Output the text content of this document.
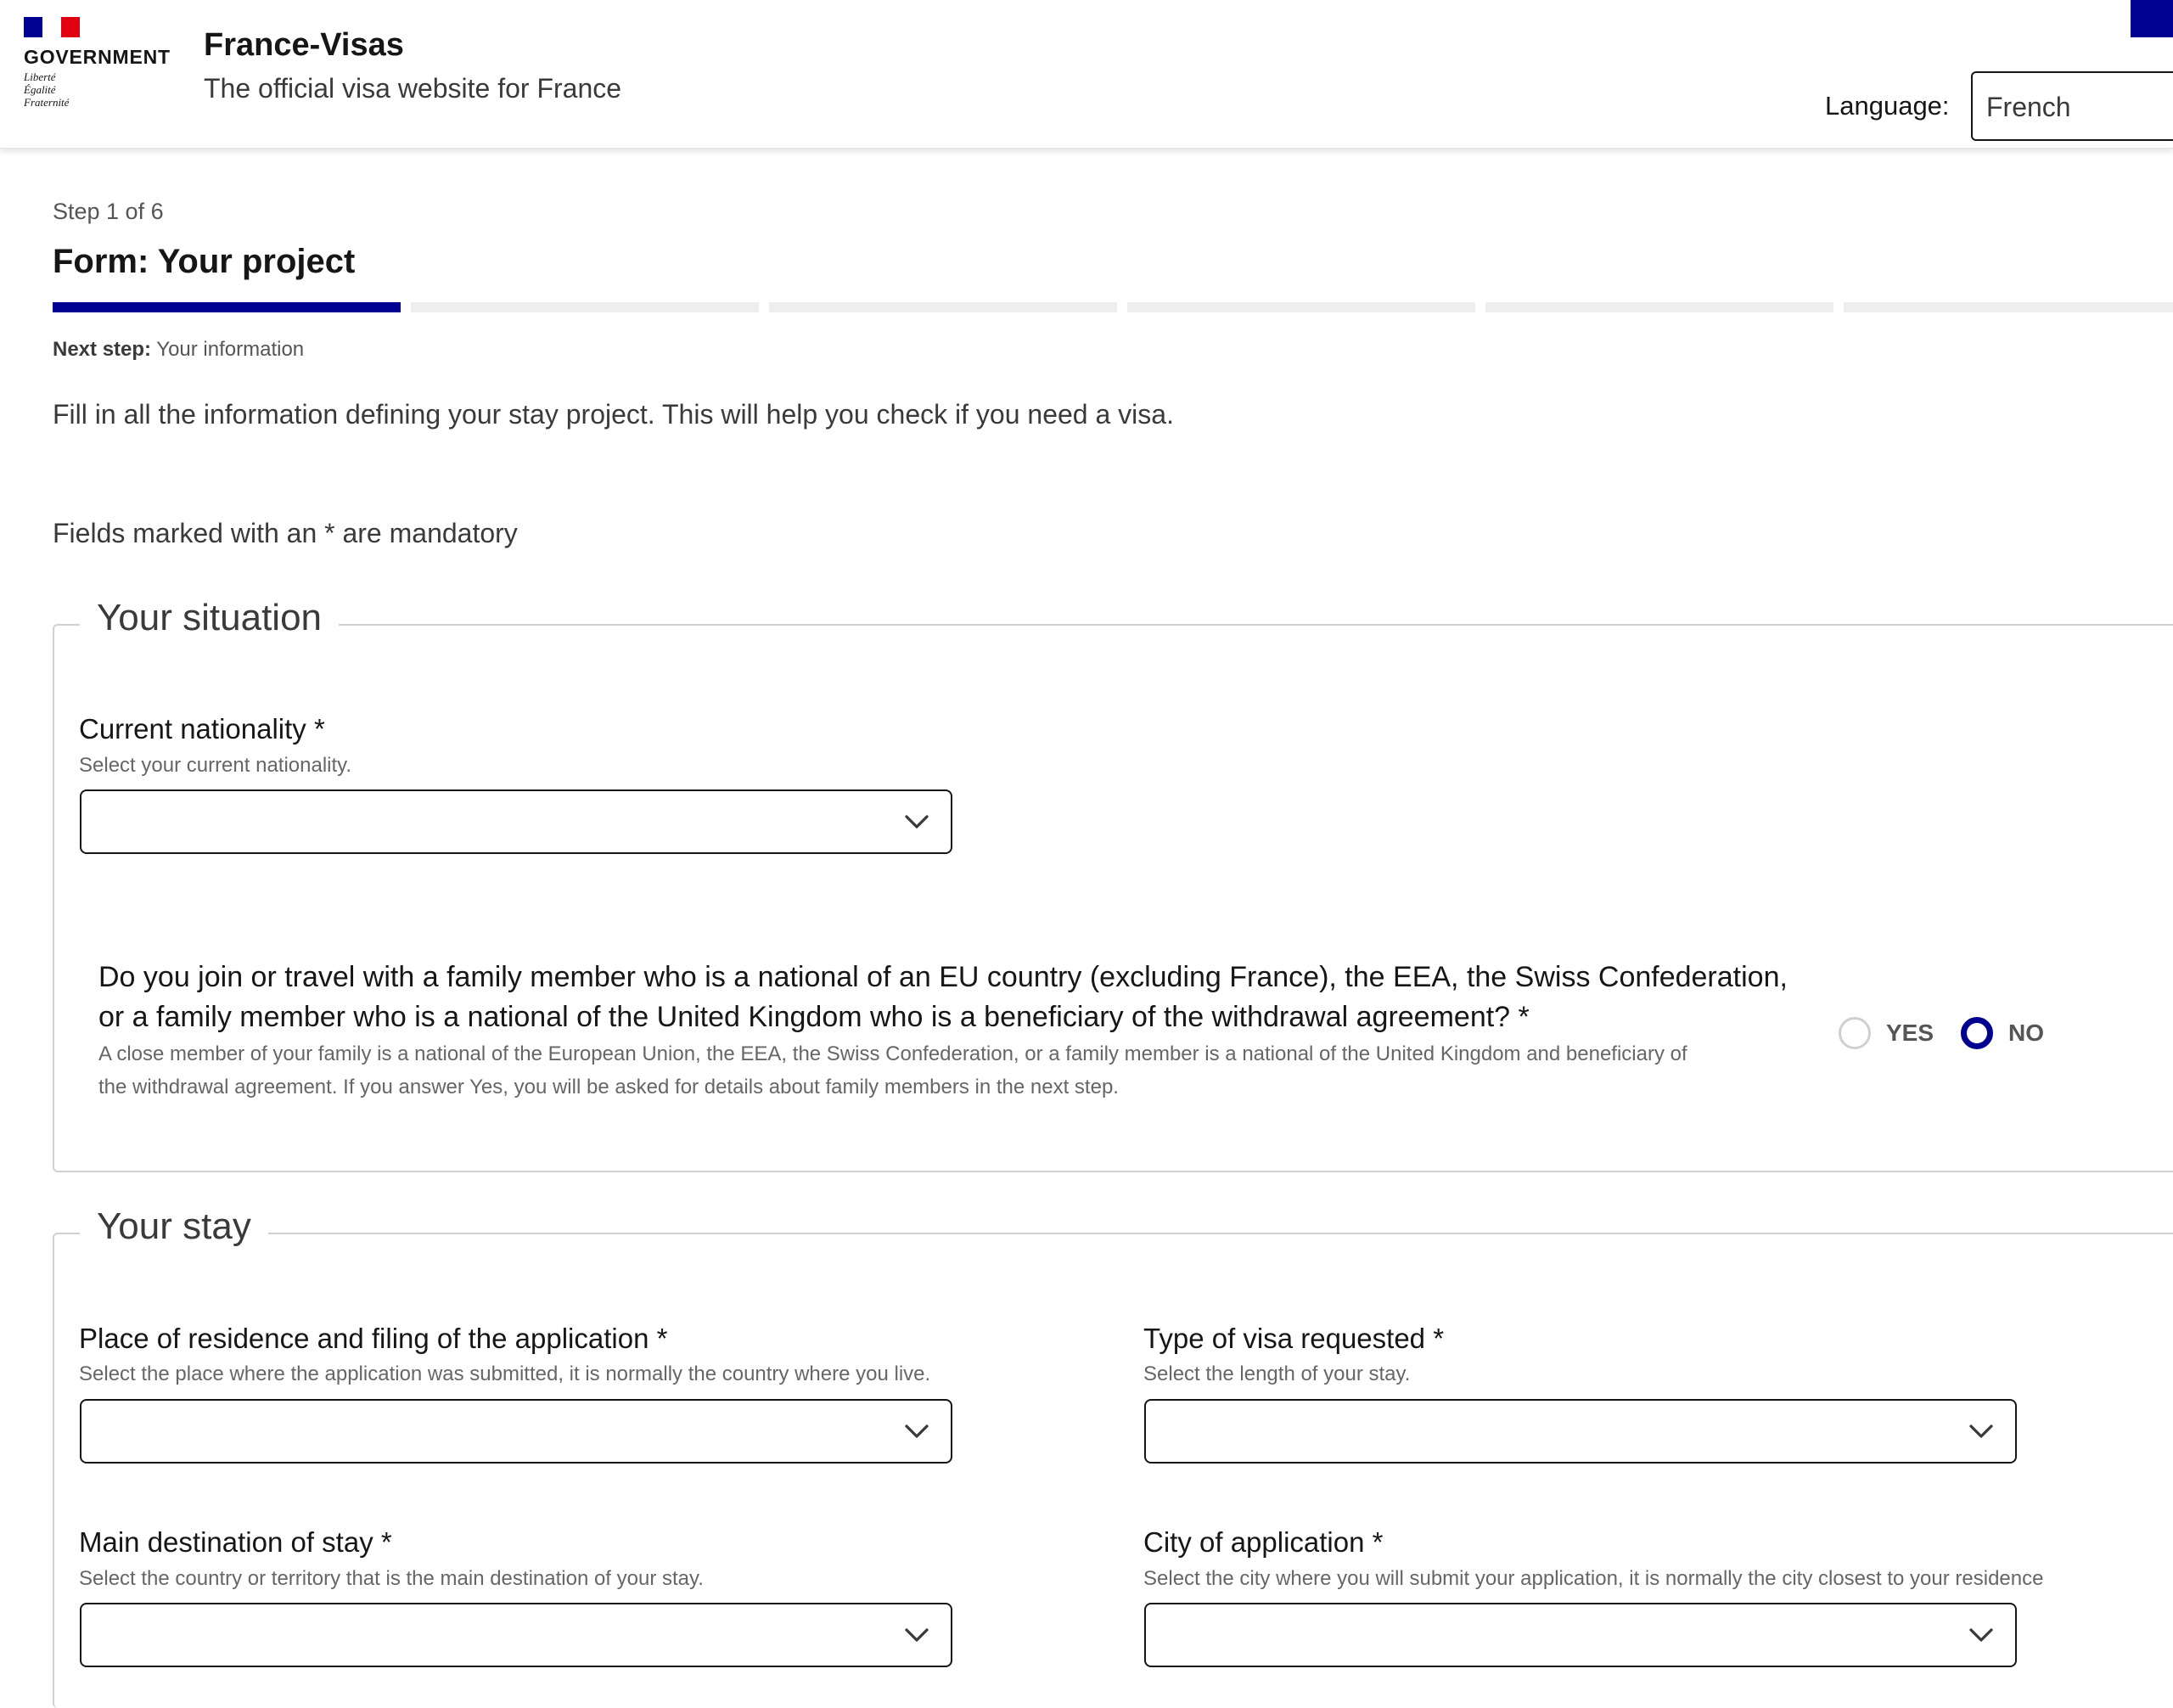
GOVERNMENT
Liberté
Égalité
Fraternité
France-Visas
The official visa website for France
Language:	French
Step 1 of 6
Form: Your project
Next step: Your information
Fill in all the information defining your stay project. This will help you check if you need a visa.
Fields marked with an * are mandatory
Your situation
Current nationality *
Select your current nationality.
Do you join or travel with a family member who is a national of an EU country (excluding France), the EEA, the Swiss Confederation,
or a family member who is a national of the United Kingdom who is a beneficiary of the withdrawal agreement? *
A close member of your family is a national of the European Union, the EEA, the Swiss Confederation, or a family member is a national of the United Kingdom and beneficiary of
the withdrawal agreement. If you answer Yes, you will be asked for details about family members in the next step.
YES	NO
Your stay
Place of residence and filing of the application *
Select the place where the application was submitted, it is normally the country where you live.
Type of visa requested *
Select the length of your stay.
Main destination of stay *
Select the country or territory that is the main destination of your stay.
City of application *
Select the city where you will submit your application, it is normally the city closest to your residence
